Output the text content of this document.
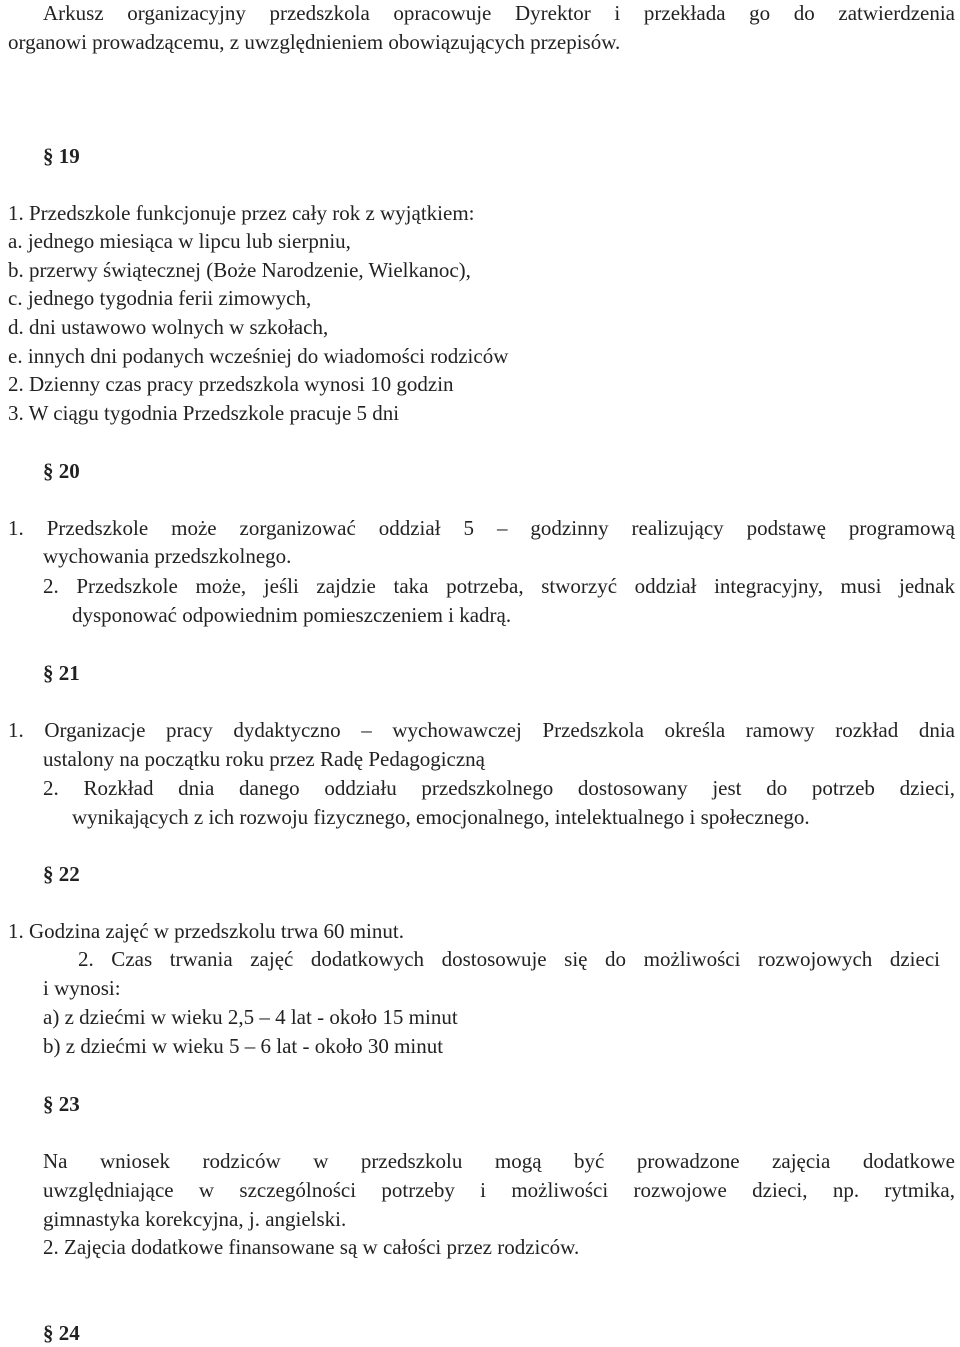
Arkusz organizacyjny przedszkola opracowuje Dyrektor i przekłada go do zatwierdzenia
organowi prowadzącemu, z uwzględnieniem obowiązujących przepisów.
§ 19
1. Przedszkole funkcjonuje przez cały rok z wyjątkiem:
a. jednego miesiąca w lipcu lub sierpniu,
b. przerwy świątecznej (Boże Narodzenie, Wielkanoc),
c. jednego tygodnia ferii zimowych,
d. dni ustawowo wolnych w szkołach,
e. innych dni podanych wcześniej do wiadomości rodziców
2. Dzienny czas pracy przedszkola wynosi 10 godzin
3. W ciągu tygodnia Przedszkole pracuje 5 dni
§ 20
1. Przedszkole może zorganizować oddział 5 – godzinny realizujący podstawę programową
wychowania przedszkolnego.
2. Przedszkole może, jeśli zajdzie taka potrzeba, stworzyć oddział integracyjny, musi jednak
dysponować odpowiednim pomieszczeniem i kadrą.
§ 21
1. Organizacje pracy dydaktyczno – wychowawczej Przedszkola określa ramowy rozkład dnia
ustalony na początku roku przez Radę Pedagogiczną
2. Rozkład dnia danego oddziału przedszkolnego dostosowany jest do potrzeb dzieci,
wynikających z ich rozwoju fizycznego, emocjonalnego, intelektualnego i społecznego.
§ 22
1. Godzina zajęć w przedszkolu trwa 60 minut.
2. Czas trwania zajęć dodatkowych dostosowuje się do możliwości rozwojowych dzieci
i wynosi:
a) z dziećmi w wieku 2,5 – 4 lat - około 15 minut
b) z dziećmi w wieku 5 – 6 lat - około 30 minut
§ 23
Na wniosek rodziców w przedszkolu mogą być prowadzone zajęcia dodatkowe
uwzględniające w szczególności potrzeby i możliwości rozwojowe dzieci, np. rytmika,
gimnastyka korekcyjna, j. angielski.
2. Zajęcia dodatkowe finansowane są w całości przez rodziców.
§ 24
